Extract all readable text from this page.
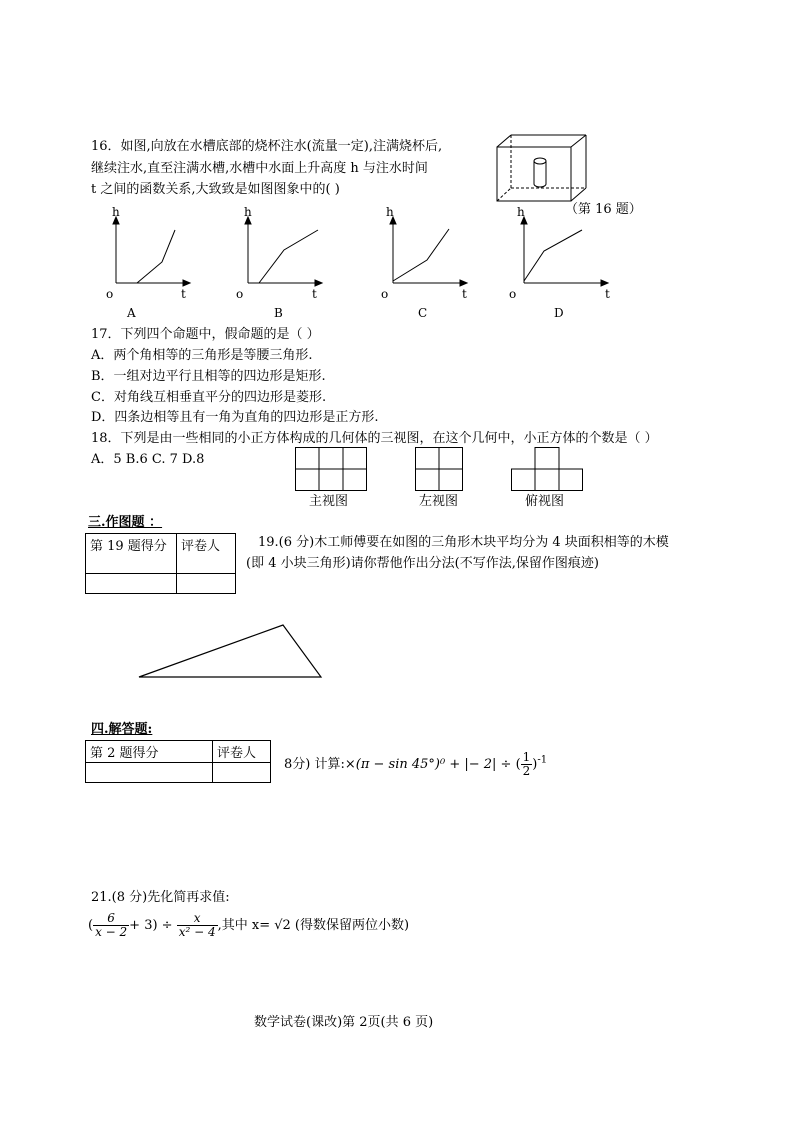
16．如图,向放在水槽底部的烧杯注水(流量一定),注满烧杯后,
继续注水,直至注满水槽,水槽中水面上升高度 h 与注水时间
t 之间的函数关系,大致致是如图图象中的( )
（第 16 题）
h
o	t
A
h
o	t
B
h
o	t
C
h
o	t
D
17．下列四个命题中，假命题的是（ ）
A．两个角相等的三角形是等腰三角形.
B．一组对边平行且相等的四边形是矩形.
C．对角线互相垂直平分的四边形是菱形.
D．四条边相等且有一角为直角的四边形是正方形.
18．下列是由一些相同的小正方体构成的几何体的三视图，在这个几何中，小正方体的个数是（ ）
A．5 B.6 C. 7 D.8
主视图	左视图	俯视图
三.作图题 ：
第 19 题得分	评卷人
		19.(6 分)木工师傅要在如图的三角形木块平均分为 4 块面积相等的木模
(即 4 小块三角形)请你帮他作出分法(不写作法,保留作图痕迹)
四.解答题:
第 2 题得分	评卷人

8分) 计算:×(π − sin 45°)⁰ + |− 2| ÷ ( $\frac{1}{2} )^{-1}$
21.(8 分)先化简再求值:
( $\frac{6}{x - 2} + 3) \div \frac{x}{\text{x² − 4}}$ ,其中 x= √2 (得数保留两位小数)
数学试卷(课改)第 2页(共 6 页)
